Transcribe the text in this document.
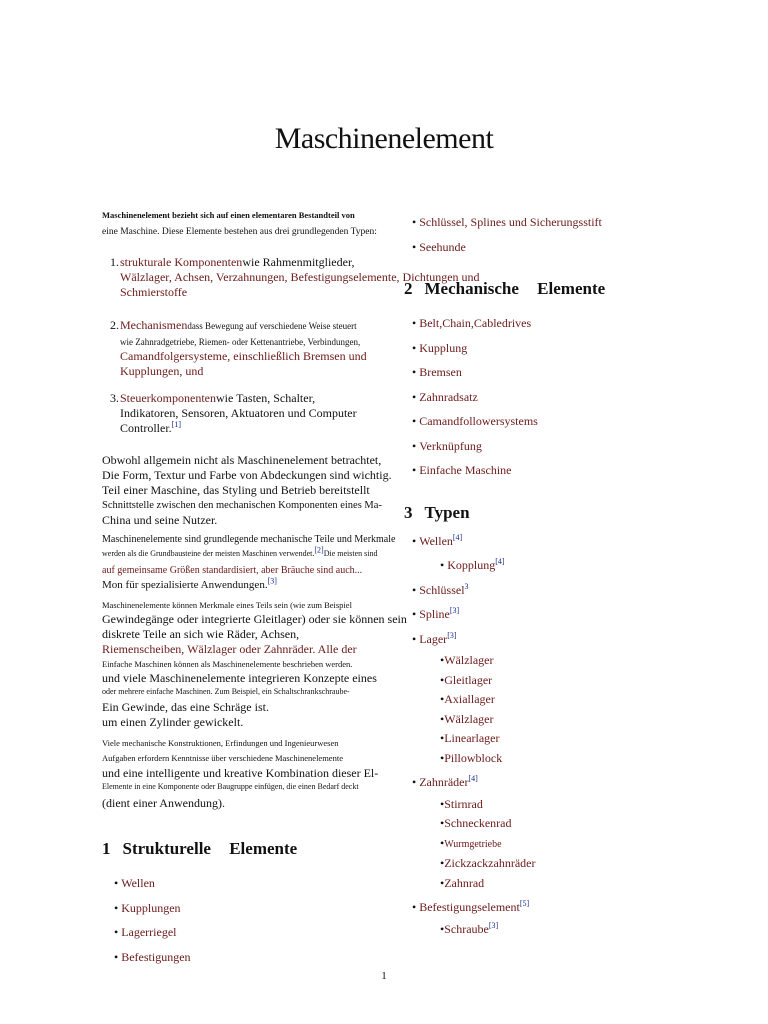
Maschinenelement

Maschinenelement bezieht sich auf einen elementaren Bestandteil von

eine Maschine. Diese Elemente bestehen aus drei grundlegenden Typen:

1. strukturale Komponentenwie Rahmenmitglieder,
Wälzlager, Achsen, Verzahnungen, Befestigungselemente, Dichtungen und
Schmierstoffe
2. Mechanismendass Bewegung auf verschiedene Weise steuert
wie Zahnradgetriebe, Riemen- oder Kettenantriebe, Verbindungen,
Camandfolgersysteme, einschließlich Bremsen und
Kupplungen, und
3. Steuerkomponentenwie Tasten, Schalter,
Indikatoren, Sensoren, Aktuatoren und Computer
Controller.[1]

Obwohl allgemein nicht als Maschinenelement betrachtet,

Die Form, Textur und Farbe von Abdeckungen sind wichtig.

Teil einer Maschine, das Styling und Betrieb bereitstellt

Schnittstelle zwischen den mechanischen Komponenten eines Ma-

China und seine Nutzer.

Maschinenelemente sind grundlegende mechanische Teile und Merkmale

werden als die Grundbausteine der meisten Maschinen verwendet.[2]Die meisten sind

auf gemeinsame Größen standardisiert, aber Bräuche sind auch...

Mon für spezialisierte Anwendungen.[3]

Maschinenelemente können Merkmale eines Teils sein (wie zum Beispiel

Gewindegänge oder integrierte Gleitlager) oder sie können sein

diskrete Teile an sich wie Räder, Achsen,

Riemenscheiben, Wälzlager oder Zahnräder. Alle der

Einfache Maschinen können als Maschinenelemente beschrieben werden.

und viele Maschinenelemente integrieren Konzepte eines

oder mehrere einfache Maschinen. Zum Beispiel, ein Schaltschrankschraube-

Ein Gewinde, das eine Schräge ist.

um einen Zylinder gewickelt.

Viele mechanische Konstruktionen, Erfindungen und Ingenieurwesen

Aufgaben erfordern Kenntnisse über verschiedene Maschinenelemente

und eine intelligente und kreative Kombination dieser El-

Elemente in eine Komponente oder Baugruppe einfügen, die einen Bedarf deckt

(dient einer Anwendung).

1 Strukturelle Elemente
• Wellen
• Kupplungen
• Lagerriegel
• Befestigungen
• Schlüssel, Splines und Sicherungsstift
• Seehunde
2 Mechanische Elemente
• Belt,Chain,Cabledrives
• Kupplung
• Bremsen
• Zahnradsatz
• Camandfollowersystems
• Verknüpfung
• Einfache Maschine
3 Typen
• Wellen[4]
• Kopplung[4]
• Schlüssel$^3$
• Spline[3]
• Lager[3]
•Wälzlager
•Gleitlager
•Axiallager
•Wälzlager
•Linearlager
•Pillowblock
• Zahnräder[4]
•Stirnrad
•Schneckenrad
•Wurmgetriebe
•Zickzackzahnräder
•Zahnrad
• Befestigungselement[5]
•Schraube[3]
1
